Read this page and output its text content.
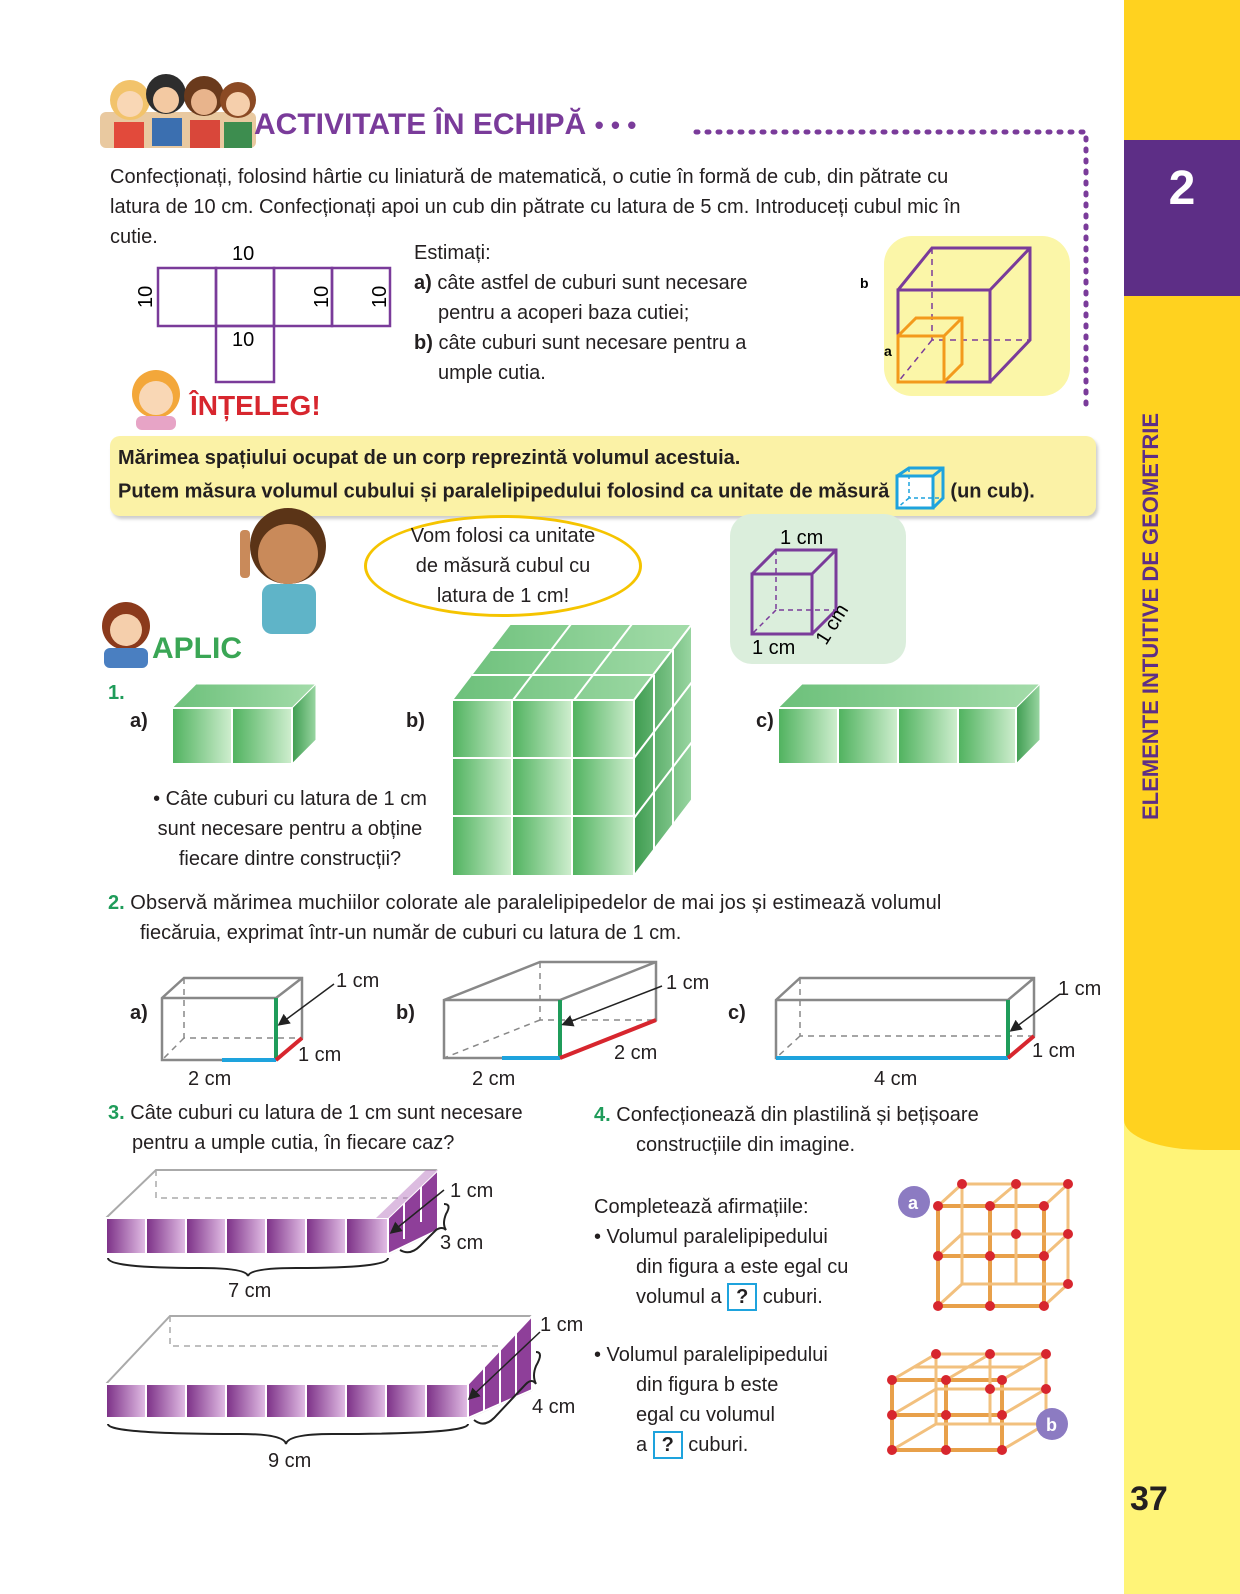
2
ELEMENTE INTUITIVE DE GEOMETRIE
37
ACTIVITATE ÎN ECHIPĂ • • •
Confecționați, folosind hârtie cu liniatură de matematică, o cutie în formă de cub, din pătrate cu
latura de 10 cm. Confecționați apoi un cub din pătrate cu latura de 5 cm. Introduceți cubul mic în
cutie.
10
10
10	10 10
Estimați:
a) câte astfel de cuburi sunt necesare
pentru a acoperi baza cutiei;
b) câte cuburi sunt necesare pentru a
umple cutia.
b
a
ÎNȚELEG!

Mărimea spațiului ocupat de un corp reprezintă volumul acestuia.

Putem măsura volumul cubului și paralelipipedului folosind ca unitate de măsură	(un cub).

Vom folosi ca unitate
de măsură cubul cu
latura de 1 cm!
1 cm
1 cm 1 cm
APLIC
1.
a)	b)	c)
a
b
• Câte cuburi cu latura de 1 cm
sunt necesare pentru a obține
fiecare dintre construcții?
2. Observă mărimea muchiilor colorate ale paralelipipedelor de mai jos și estimează volumul
fiecăruia, exprimat într-un număr de cuburi cu latura de 1 cm.
a)
1 cm
1 cm
2 cm
b)
1 cm
2 cm
2 cm
c)
1 cm
1 cm
4 cm
3. Câte cuburi cu latura de 1 cm sunt necesare
pentru a umple cutia, în fiecare caz?
1 cm
3 cm
7 cm
1 cm
4 cm
9 cm
4. Confecționează din plastilină și bețișoare
construcțiile din imagine.
Completează afirmațiile:
• Volumul paralelipipedului
din figura a este egal cu
volumul a ? cuburi.
• Volumul paralelipipedului
din figura b este
egal cu volumul
a ? cuburi.
